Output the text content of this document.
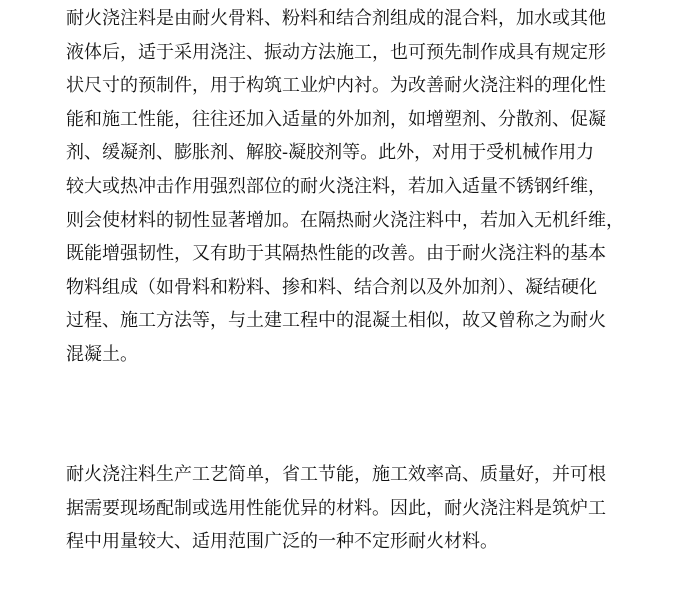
耐火浇注料是由耐火骨料、粉料和结合剂组成的混合料，加水或其他
液体后，适于采用浇注、振动方法施工，也可预先制作成具有规定形
状尺寸的预制件，用于构筑工业炉内衬。为改善耐火浇注料的理化性
能和施工性能，往往还加入适量的外加剂，如增塑剂、分散剂、促凝
剂、缓凝剂、膨胀剂、解胶-凝胶剂等。此外，对用于受机械作用力
较大或热冲击作用强烈部位的耐火浇注料，若加入适量不锈钢纤维，
则会使材料的韧性显著增加。在隔热耐火浇注料中，若加入无机纤维，
既能增强韧性，又有助于其隔热性能的改善。由于耐火浇注料的基本
物料组成（如骨料和粉料、掺和料、结合剂以及外加剂）、凝结硬化
过程、施工方法等，与土建工程中的混凝土相似，故又曾称之为耐火
混凝土。
耐火浇注料生产工艺简单，省工节能，施工效率高、质量好，并可根
据需要现场配制或选用性能优异的材料。因此，耐火浇注料是筑炉工
程中用量较大、适用范围广泛的一种不定形耐火材料。
